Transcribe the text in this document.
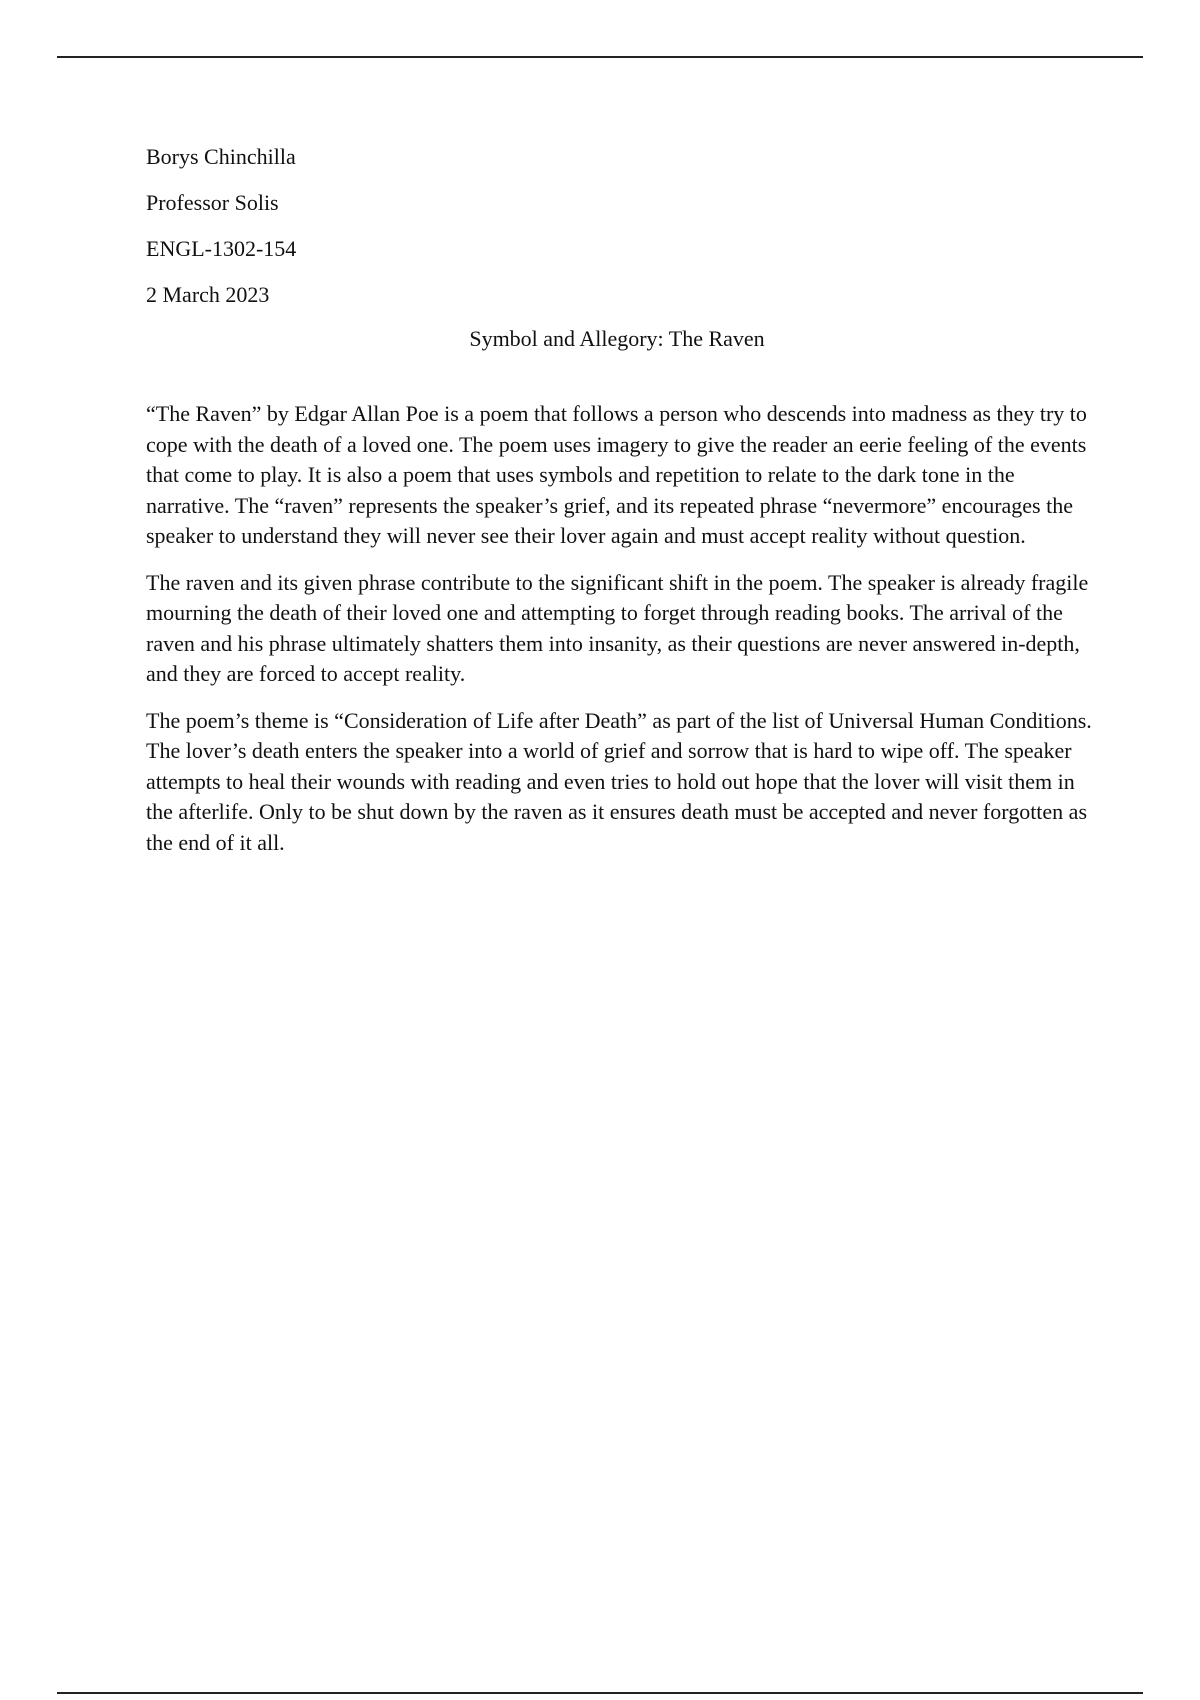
Borys Chinchilla
Professor Solis
ENGL-1302-154
2 March 2023
Symbol and Allegory: The Raven

“The Raven” by Edgar Allan Poe is a poem that follows a person who descends into madness as they try to cope with the death of a loved one. The poem uses imagery to give the reader an eerie feeling of the events that come to play. It is also a poem that uses symbols and repetition to relate to the dark tone in the narrative. The “raven” represents the speaker’s grief, and its repeated phrase “nevermore” encourages the speaker to understand they will never see their lover again and must accept reality without question.

The raven and its given phrase contribute to the significant shift in the poem. The speaker is already fragile mourning the death of their loved one and attempting to forget through reading books. The arrival of the raven and his phrase ultimately shatters them into insanity, as their questions are never answered in-depth, and they are forced to accept reality.

The poem’s theme is “Consideration of Life after Death” as part of the list of Universal Human Conditions. The lover’s death enters the speaker into a world of grief and sorrow that is hard to wipe off. The speaker attempts to heal their wounds with reading and even tries to hold out hope that the lover will visit them in the afterlife. Only to be shut down by the raven as it ensures death must be accepted and never forgotten as the end of it all.
